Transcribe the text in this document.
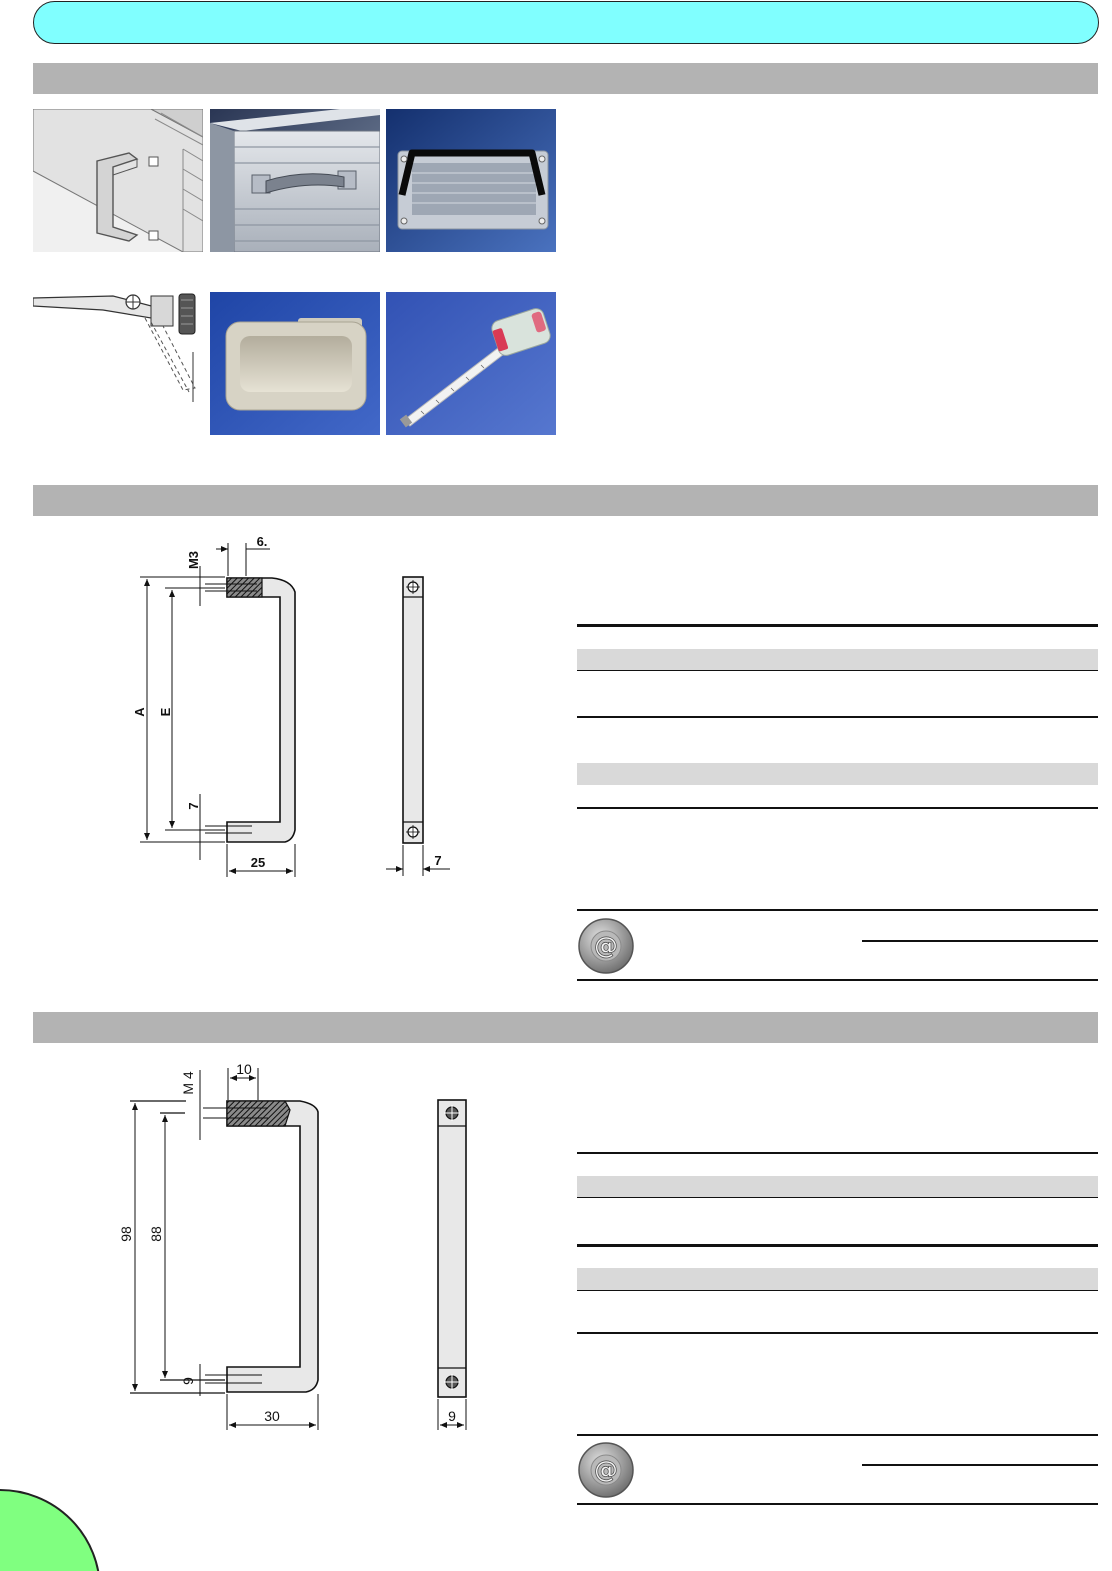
A E
M3
6.
7
25	7
10
M 4
98 88
9
30	9
@
@
